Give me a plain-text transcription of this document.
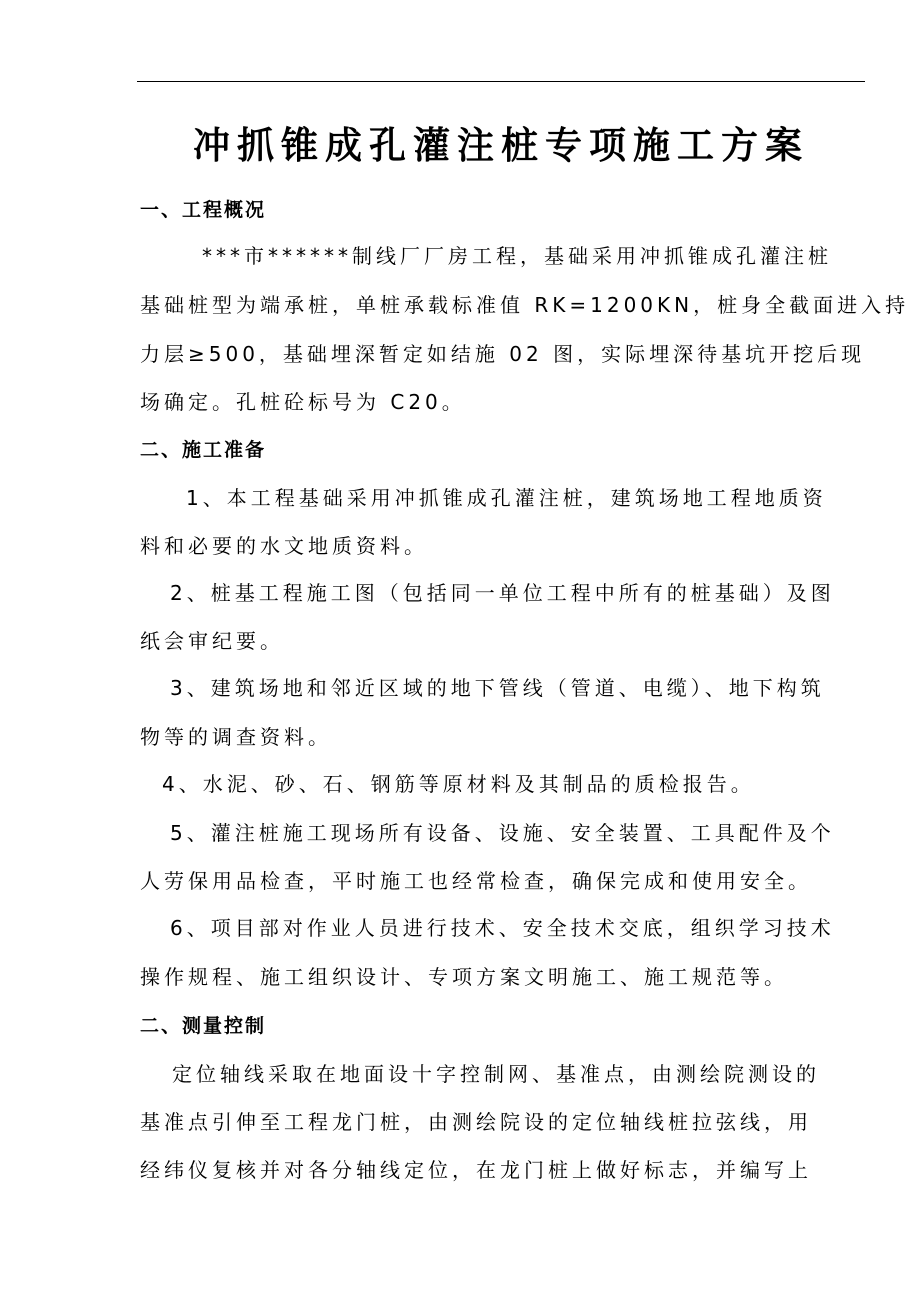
冲抓锥成孔灌注桩专项施工方案
一、工程概况
***市******制线厂厂房工程，基础采用冲抓锥成孔灌注桩
基础桩型为端承桩，单桩承载标准值 RK=1200KN，桩身全截面进入持
力层≥500，基础埋深暂定如结施 02 图，实际埋深待基坑开挖后现
场确定。孔桩砼标号为 C20。
二、施工准备
1、本工程基础采用冲抓锥成孔灌注桩，建筑场地工程地质资
料和必要的水文地质资料。
2、桩基工程施工图（包括同一单位工程中所有的桩基础）及图
纸会审纪要。
3、建筑场地和邻近区域的地下管线（管道、电缆）、地下构筑
物等的调查资料。
4、水泥、砂、石、钢筋等原材料及其制品的质检报告。
5、灌注桩施工现场所有设备、设施、安全装置、工具配件及个
人劳保用品检查，平时施工也经常检查，确保完成和使用安全。
6、项目部对作业人员进行技术、安全技术交底，组织学习技术
操作规程、施工组织设计、专项方案文明施工、施工规范等。
二、测量控制
定位轴线采取在地面设十字控制网、基准点，由测绘院测设的
基准点引伸至工程龙门桩，由测绘院设的定位轴线桩拉弦线，用
经纬仪复核并对各分轴线定位，在龙门桩上做好标志，并编写上
